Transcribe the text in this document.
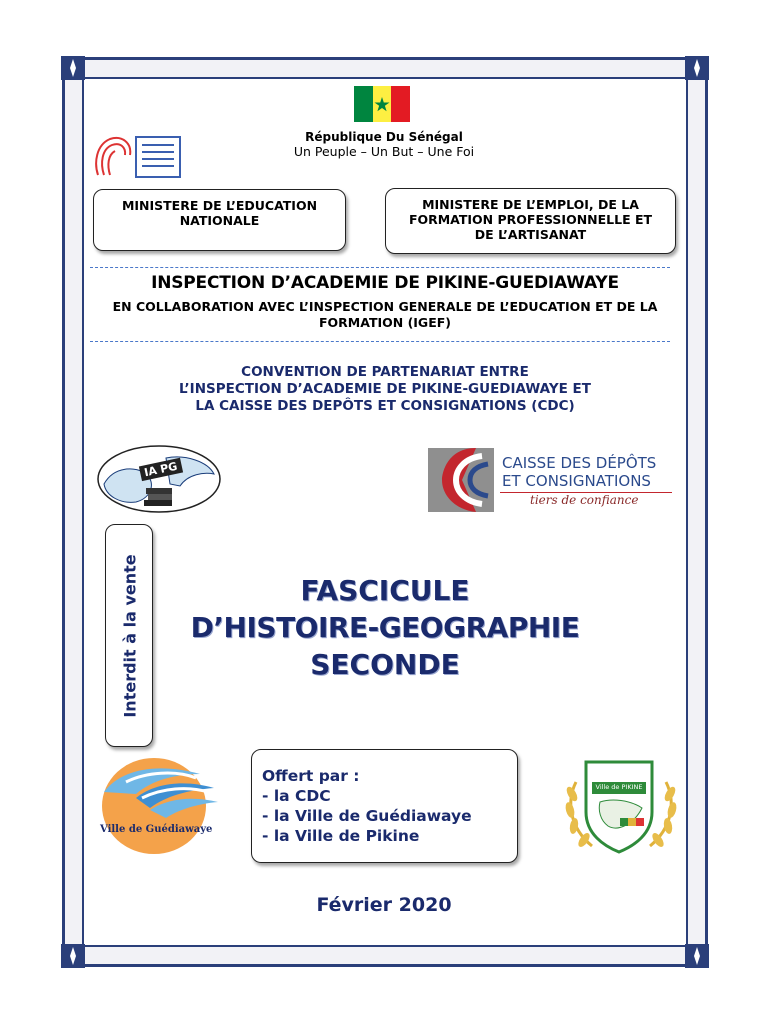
République Du Sénégal
Un Peuple – Un But – Une Foi
MINISTERE DE L’EDUCATION NATIONALE
MINISTERE DE L’EMPLOI, DE LA FORMATION PROFESSIONNELLE ET DE L’ARTISANAT
INSPECTION D’ACADEMIE DE PIKINE-GUEDIAWAYE
EN COLLABORATION AVEC L’INSPECTION GENERALE DE L’EDUCATION ET DE LA FORMATION (IGEF)
CONVENTION DE PARTENARIAT ENTRE
L’INSPECTION D’ACADEMIE DE PIKINE-GUEDIAWAYE ET
LA CAISSE DES DEPÔTS ET CONSIGNATIONS (CDC)
IA PG	CAISSE DES DÉPÔTS
ET CONSIGNATIONS
tiers de confiance
Interdit à la vente	FASCICULE
D’HISTOIRE-GEOGRAPHIE
SECONDE
Ville de Guédiawaye
Offert par :
- la CDC
- la Ville de Guédiawaye
- la Ville de Pikine
Ville de PIKINE
Février 2020
